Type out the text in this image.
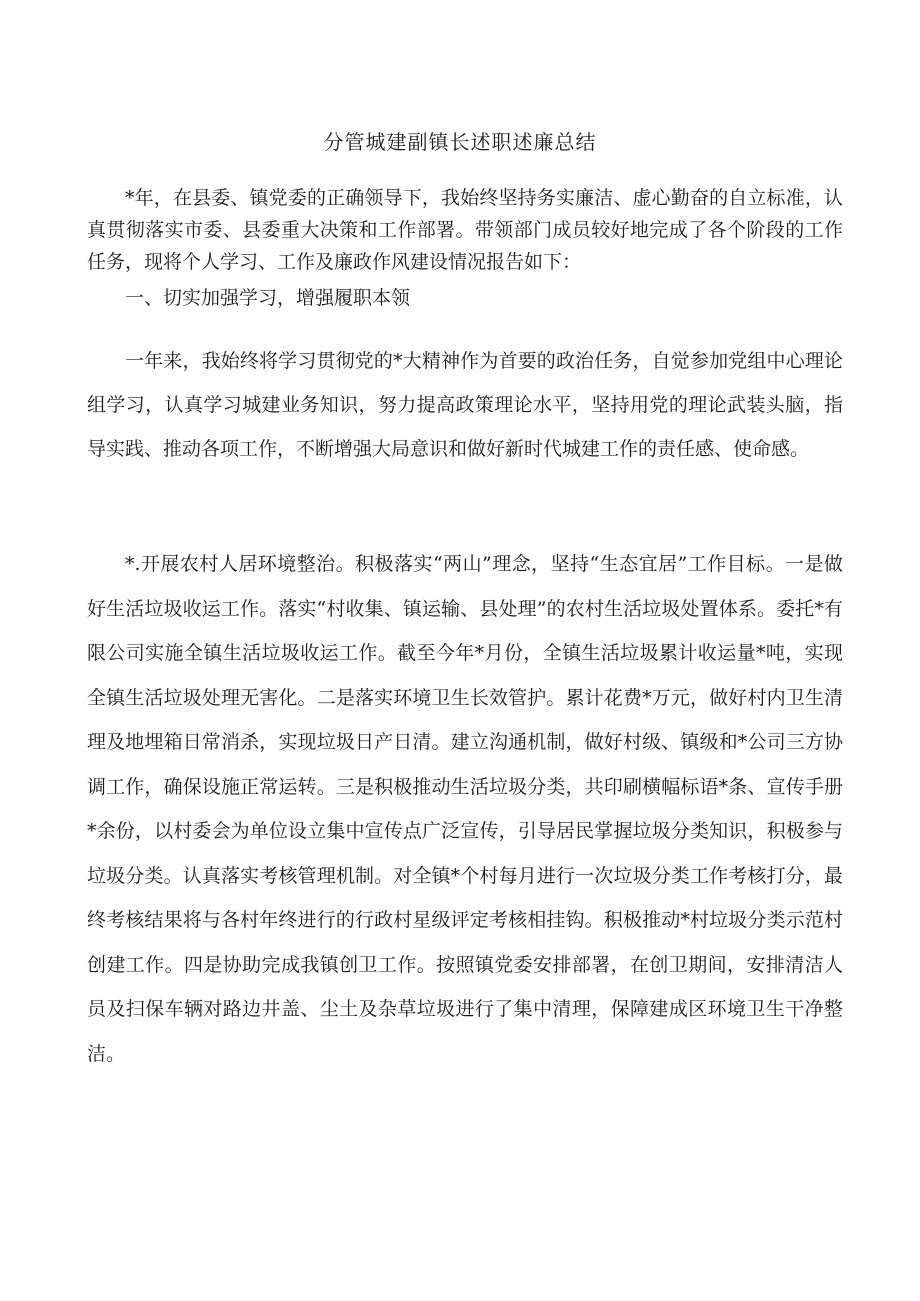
分管城建副镇长述职述廉总结

*年，在县委、镇党委的正确领导下，我始终坚持务实廉洁、虚心勤奋的自立标准，认真贯彻落实市委、县委重大决策和工作部署。带领部门成员较好地完成了各个阶段的工作任务，现将个人学习、工作及廉政作风建设情况报告如下：

一、切实加强学习，增强履职本领

一年来，我始终将学习贯彻党的*大精神作为首要的政治任务，自觉参加党组中心理论组学习，认真学习城建业务知识，努力提高政策理论水平，坚持用党的理论武装头脑，指导实践、推动各项工作，不断增强大局意识和做好新时代城建工作的责任感、使命感。

*.开展农村人居环境整治。积极落实“两山”理念，坚持“生态宜居”工作目标。一是做好生活垃圾收运工作。落实“村收集、镇运输、县处理”的农村生活垃圾处置体系。委托*有限公司实施全镇生活垃圾收运工作。截至今年*月份，全镇生活垃圾累计收运量*吨，实现全镇生活垃圾处理无害化。二是落实环境卫生长效管护。累计花费*万元，做好村内卫生清理及地埋箱日常消杀，实现垃圾日产日清。建立沟通机制，做好村级、镇级和*公司三方协调工作，确保设施正常运转。三是积极推动生活垃圾分类，共印刷横幅标语*条、宣传手册*余份，以村委会为单位设立集中宣传点广泛宣传，引导居民掌握垃圾分类知识，积极参与垃圾分类。认真落实考核管理机制。对全镇*个村每月进行一次垃圾分类工作考核打分，最终考核结果将与各村年终进行的行政村星级评定考核相挂钩。积极推动*村垃圾分类示范村创建工作。四是协助完成我镇创卫工作。按照镇党委安排部署，在创卫期间，安排清洁人员及扫保车辆对路边井盖、尘土及杂草垃圾进行了集中清理，保障建成区环境卫生干净整洁。
